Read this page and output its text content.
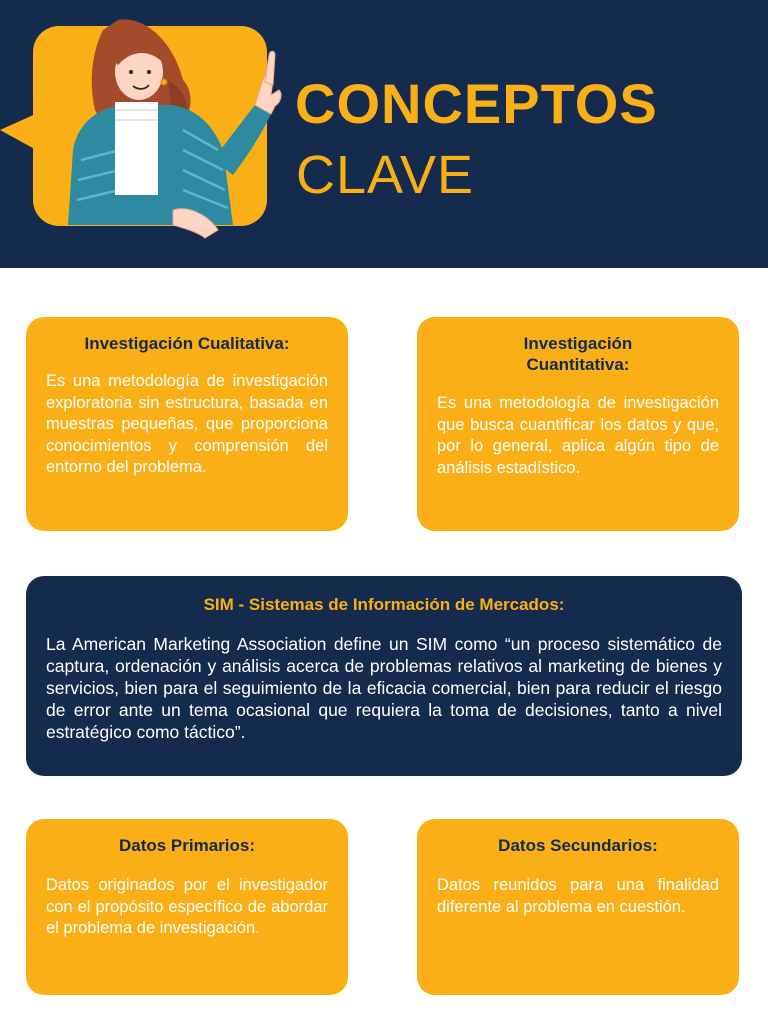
CONCEPTOS
CLAVE
Investigación Cualitativa:
Es una metodología de investigación exploratoria sin estructura, basada en muestras pequeñas, que proporciona conocimientos y comprensión del entorno del problema.
Investigación Cuantitativa:
Es una metodología de investigación que busca cuantificar los datos y que, por lo general, aplica algún tipo de análisis estadístico.
SIM - Sistemas de Información de Mercados:
La American Marketing Association define un SIM como “un proceso sistemático de captura, ordenación y análisis acerca de problemas relativos al marketing de bienes y servicios, bien para el seguimiento de la eficacia comercial, bien para reducir el riesgo de error ante un tema ocasional que requiera la toma de decisiones, tanto a nivel estratégico como táctico”.
Datos Primarios:
Datos originados por el investigador con el propósito específico de abordar el problema de investigación.
Datos Secundarios:
Datos reunidos para una finalidad diferente al problema en cuestión.
